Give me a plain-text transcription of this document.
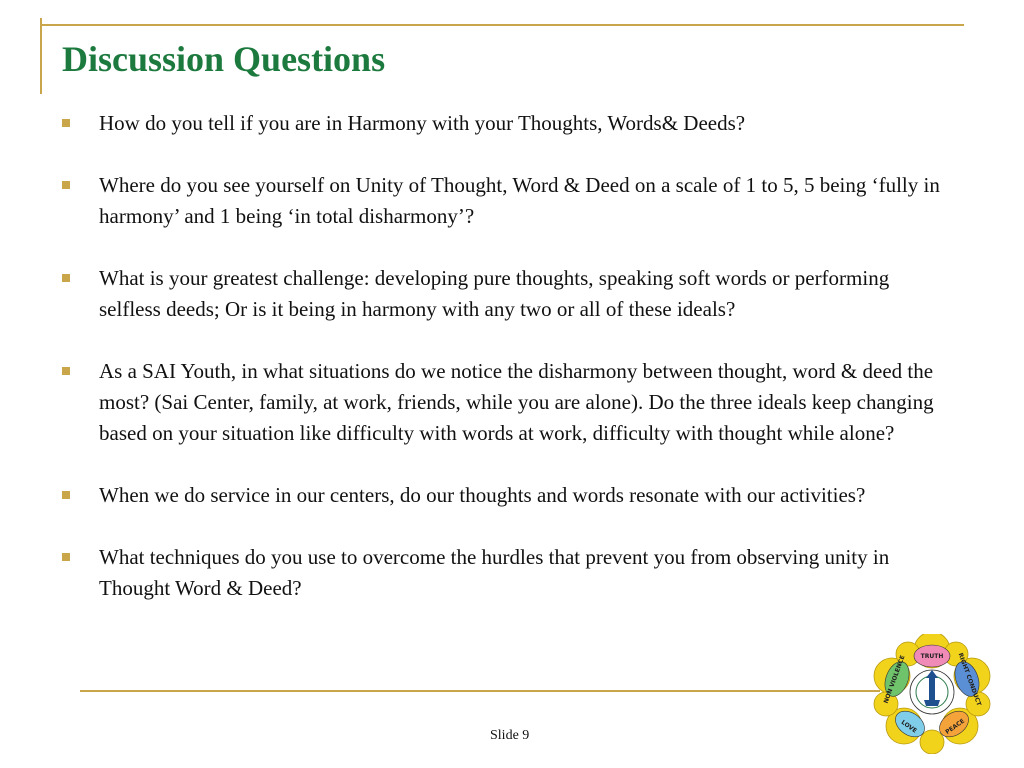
Discussion Questions
How do you tell if you are in Harmony with your Thoughts, Words& Deeds?
Where do you see yourself on Unity of Thought, Word & Deed on a scale of 1 to 5, 5 being ‘fully in harmony’ and 1 being ‘in total disharmony’?
What is your greatest challenge: developing pure thoughts, speaking soft words or performing selfless deeds; Or is it being in harmony with any two or all of these ideals?
As a SAI Youth, in what situations do we notice the disharmony between thought, word & deed the most? (Sai Center, family, at work, friends, while you are alone). Do the three ideals keep changing based on your situation like difficulty with words at work, difficulty with thought while alone?
When we do service in our centers, do our thoughts and words resonate with our activities?
What techniques do you use to overcome the hurdles that prevent you from observing unity in Thought Word & Deed?
Slide 9
TRUTH RIGHT CONDUCT
PEACE
LOVE
NON VIOLENCE
